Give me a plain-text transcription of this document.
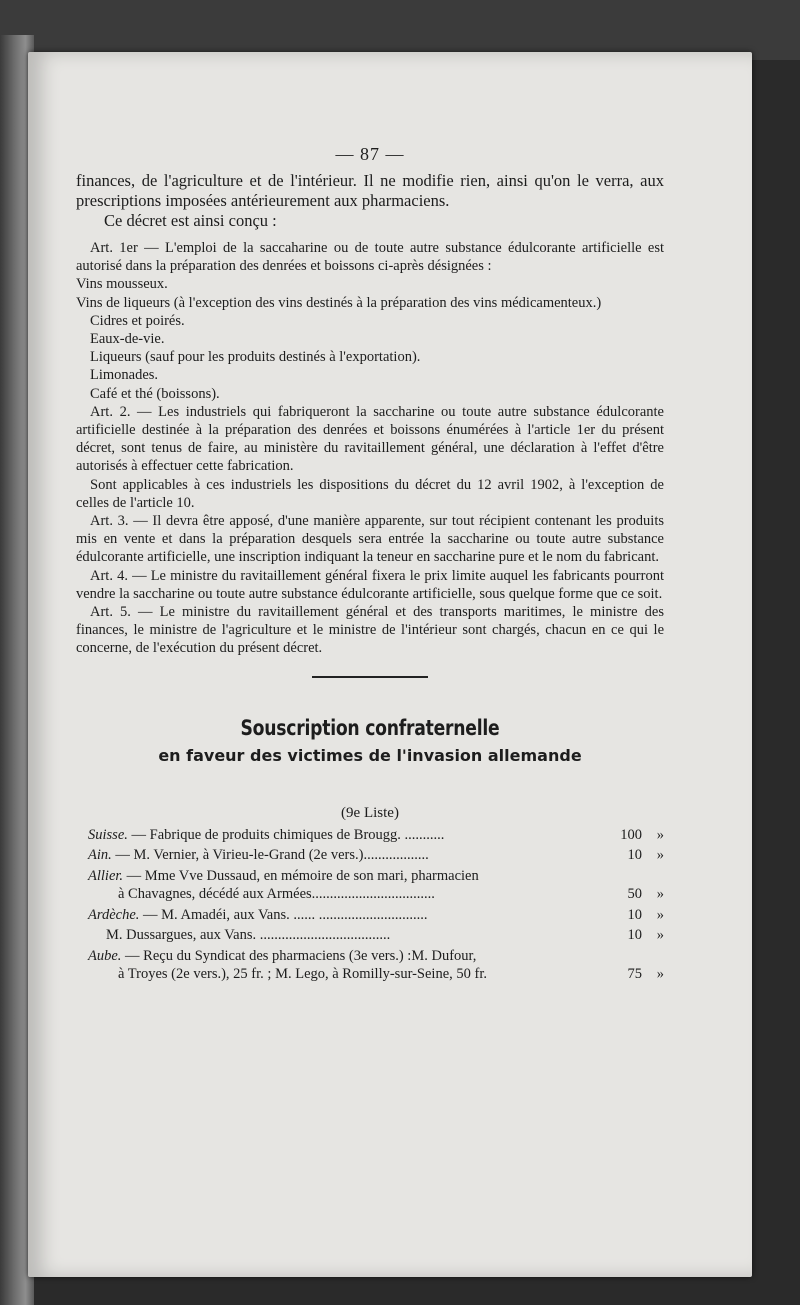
— 87 —

finances, de l'agriculture et de l'intérieur. Il ne modifie rien, ainsi qu'on le verra, aux prescriptions imposées antérieurement aux pharmaciens.

Ce décret est ainsi conçu :

Art. 1er — L'emploi de la saccaharine ou de toute autre substance édulcorante artificielle est autorisé dans la préparation des denrées et boissons ci-après désignées :

Vins mousseux.

Vins de liqueurs (à l'exception des vins destinés à la préparation des vins médicamenteux.)

Cidres et poirés.

Eaux-de-vie.

Liqueurs (sauf pour les produits destinés à l'exportation).

Limonades.

Café et thé (boissons).

Art. 2. — Les industriels qui fabriqueront la saccharine ou toute autre substance édulcorante artificielle destinée à la préparation des denrées et boissons énumérées à l'article 1er du présent décret, sont tenus de faire, au ministère du ravitaillement général, une déclaration à l'effet d'être autorisés à effectuer cette fabrication.

Sont applicables à ces industriels les dispositions du décret du 12 avril 1902, à l'exception de celles de l'article 10.

Art. 3. — Il devra être apposé, d'une manière apparente, sur tout récipient contenant les produits mis en vente et dans la préparation desquels sera entrée la saccharine ou toute autre substance édulcorante artificielle, une inscription indiquant la teneur en saccharine pure et le nom du fabricant.

Art. 4. — Le ministre du ravitaillement général fixera le prix limite auquel les fabricants pourront vendre la saccharine ou toute autre substance édulcorante artificielle, sous quelque forme que ce soit.

Art. 5. — Le ministre du ravitaillement général et des transports maritimes, le ministre des finances, le ministre de l'agriculture et le ministre de l'intérieur sont chargés, chacun en ce qui le concerne, de l'exécution du présent décret.

Souscription confraternelle
en faveur des victimes de l'invasion allemande
(9e Liste)
Suisse. — Fabrique de produits chimiques de Brougg. ...........	100	»
Ain. — M. Vernier, à Virieu-le-Grand (2e vers.)..................	10	»
Allier. — Mme Vve Dussaud, en mémoire de son mari, pharmacien
à Chavagnes, décédé aux Armées..................................	50	»
Ardèche. — M. Amadéi, aux Vans. ...... ..............................	10	»
M. Dussargues, aux Vans. ....................................	10	»
Aube. — Reçu du Syndicat des pharmaciens (3e vers.) :M. Dufour,
à Troyes (2e vers.), 25 fr. ; M. Lego, à Romilly-sur-Seine, 50 fr.	75	»
